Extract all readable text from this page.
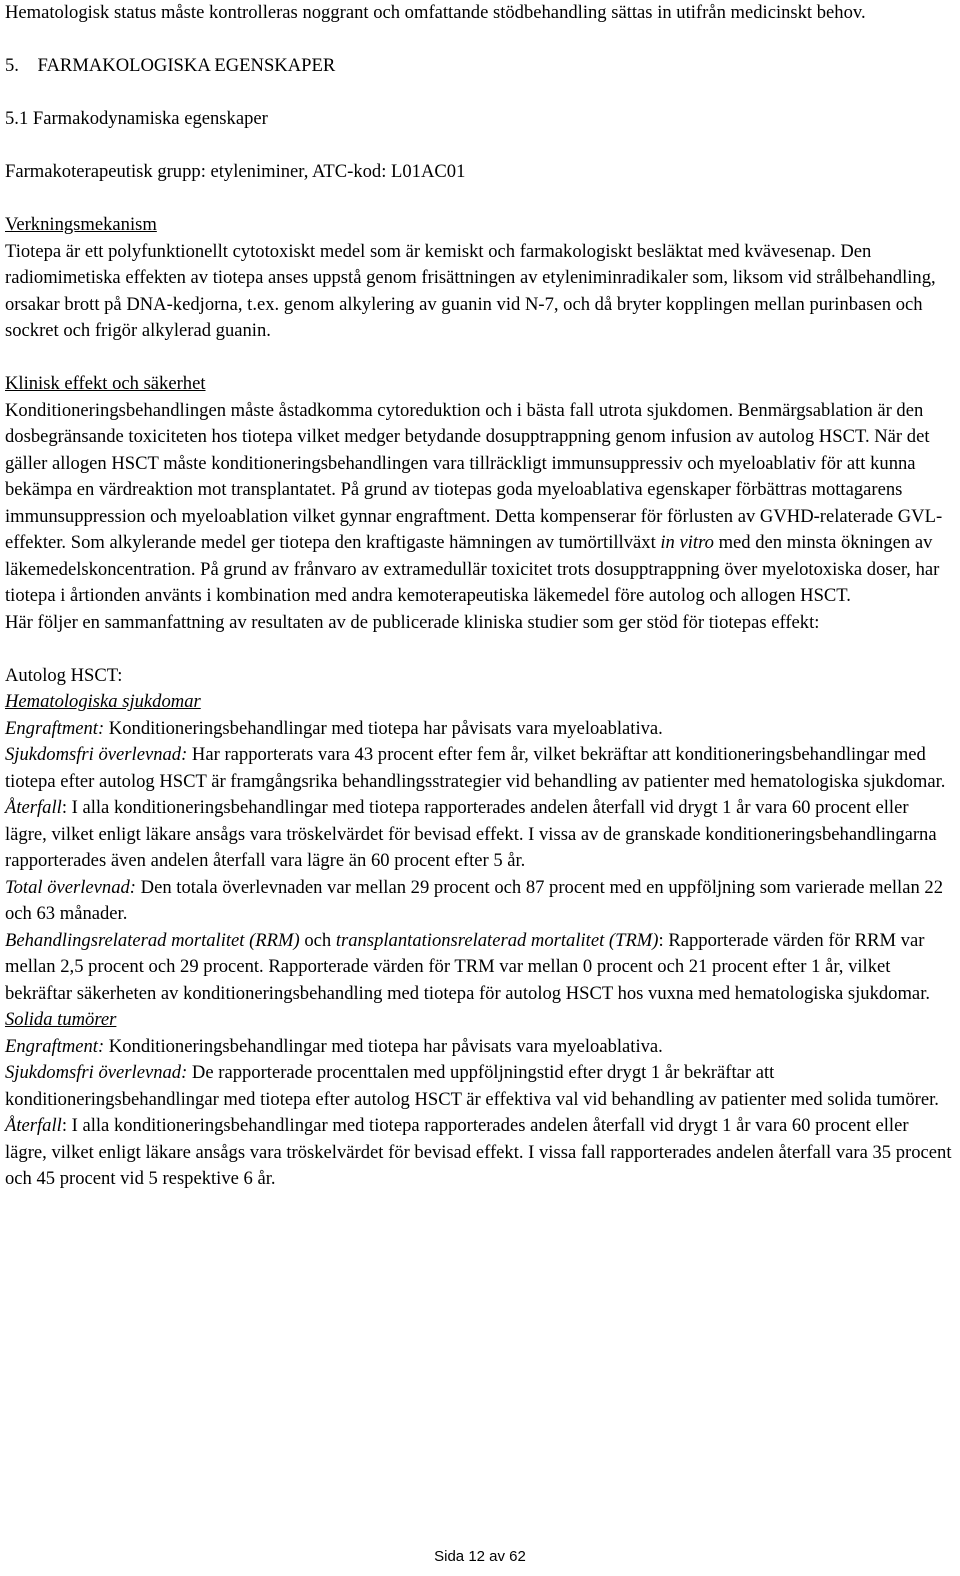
Hematologisk status måste kontrolleras noggrant och omfattande stödbehandling sättas in utifrån medicinskt behov.

5.    FARMAKOLOGISKA EGENSKAPER

5.1 Farmakodynamiska egenskaper

Farmakoterapeutisk grupp: etyleniminer, ATC-kod: L01AC01

Verkningsmekanism

Tiotepa är ett polyfunktionellt cytotoxiskt medel som är kemiskt och farmakologiskt besläktat med kvävesenap. Den radiomimetiska effekten av tiotepa anses uppstå genom frisättningen av etyleniminradikaler som, liksom vid strålbehandling, orsakar brott på DNA-kedjorna, t.ex. genom alkylering av guanin vid N-7, och då bryter kopplingen mellan purinbasen och sockret och frigör alkylerad guanin.

Klinisk effekt och säkerhet

Konditioneringsbehandlingen måste åstadkomma cytoreduktion och i bästa fall utrota sjukdomen. Benmärgsablation är den dosbegränsande toxiciteten hos tiotepa vilket medger betydande dosupptrappning genom infusion av autolog HSCT. När det gäller allogen HSCT måste konditioneringsbehandlingen vara tillräckligt immunsuppressiv och myeloablativ för att kunna bekämpa en värdreaktion mot transplantatet. På grund av tiotepas goda myeloablativa egenskaper förbättras mottagarens immunsuppression och myeloablation vilket gynnar engraftment. Detta kompenserar för förlusten av GVHD-relaterade GVL-effekter. Som alkylerande medel ger tiotepa den kraftigaste hämningen av tumörtillväxt in vitro med den minsta ökningen av läkemedelskoncentration. På grund av frånvaro av extramedullär toxicitet trots dosupptrappning över myelotoxiska doser, har tiotepa i årtionden använts i kombination med andra kemoterapeutiska läkemedel före autolog och allogen HSCT.

Här följer en sammanfattning av resultaten av de publicerade kliniska studier som ger stöd för tiotepas effekt:

Autolog HSCT:

Hematologiska sjukdomar

Engraftment: Konditioneringsbehandlingar med tiotepa har påvisats vara myeloablativa.

Sjukdomsfri överlevnad: Har rapporterats vara 43 procent efter fem år, vilket bekräftar att konditioneringsbehandlingar med tiotepa efter autolog HSCT är framgångsrika behandlingsstrategier vid behandling av patienter med hematologiska sjukdomar.

Återfall: I alla konditioneringsbehandlingar med tiotepa rapporterades andelen återfall vid drygt 1 år vara 60 procent eller lägre, vilket enligt läkare ansågs vara tröskelvärdet för bevisad effekt. I vissa av de granskade konditioneringsbehandlingarna rapporterades även andelen återfall vara lägre än 60 procent efter 5 år.

Total överlevnad: Den totala överlevnaden var mellan 29 procent och 87 procent med en uppföljning som varierade mellan 22 och 63 månader.

Behandlingsrelaterad mortalitet (RRM) och transplantationsrelaterad mortalitet (TRM): Rapporterade värden för RRM var mellan 2,5 procent och 29 procent. Rapporterade värden för TRM var mellan 0 procent och 21 procent efter 1 år, vilket bekräftar säkerheten av konditioneringsbehandling med tiotepa för autolog HSCT hos vuxna med hematologiska sjukdomar.

Solida tumörer

Engraftment: Konditioneringsbehandlingar med tiotepa har påvisats vara myeloablativa.

Sjukdomsfri överlevnad: De rapporterade procenttalen med uppföljningstid efter drygt 1 år bekräftar att konditioneringsbehandlingar med tiotepa efter autolog HSCT är effektiva val vid behandling av patienter med solida tumörer.

Återfall: I alla konditioneringsbehandlingar med tiotepa rapporterades andelen återfall vid drygt 1 år vara 60 procent eller lägre, vilket enligt läkare ansågs vara tröskelvärdet för bevisad effekt. I vissa fall rapporterades andelen återfall vara 35 procent och 45 procent vid 5 respektive 6 år.

Sida 12 av 62
